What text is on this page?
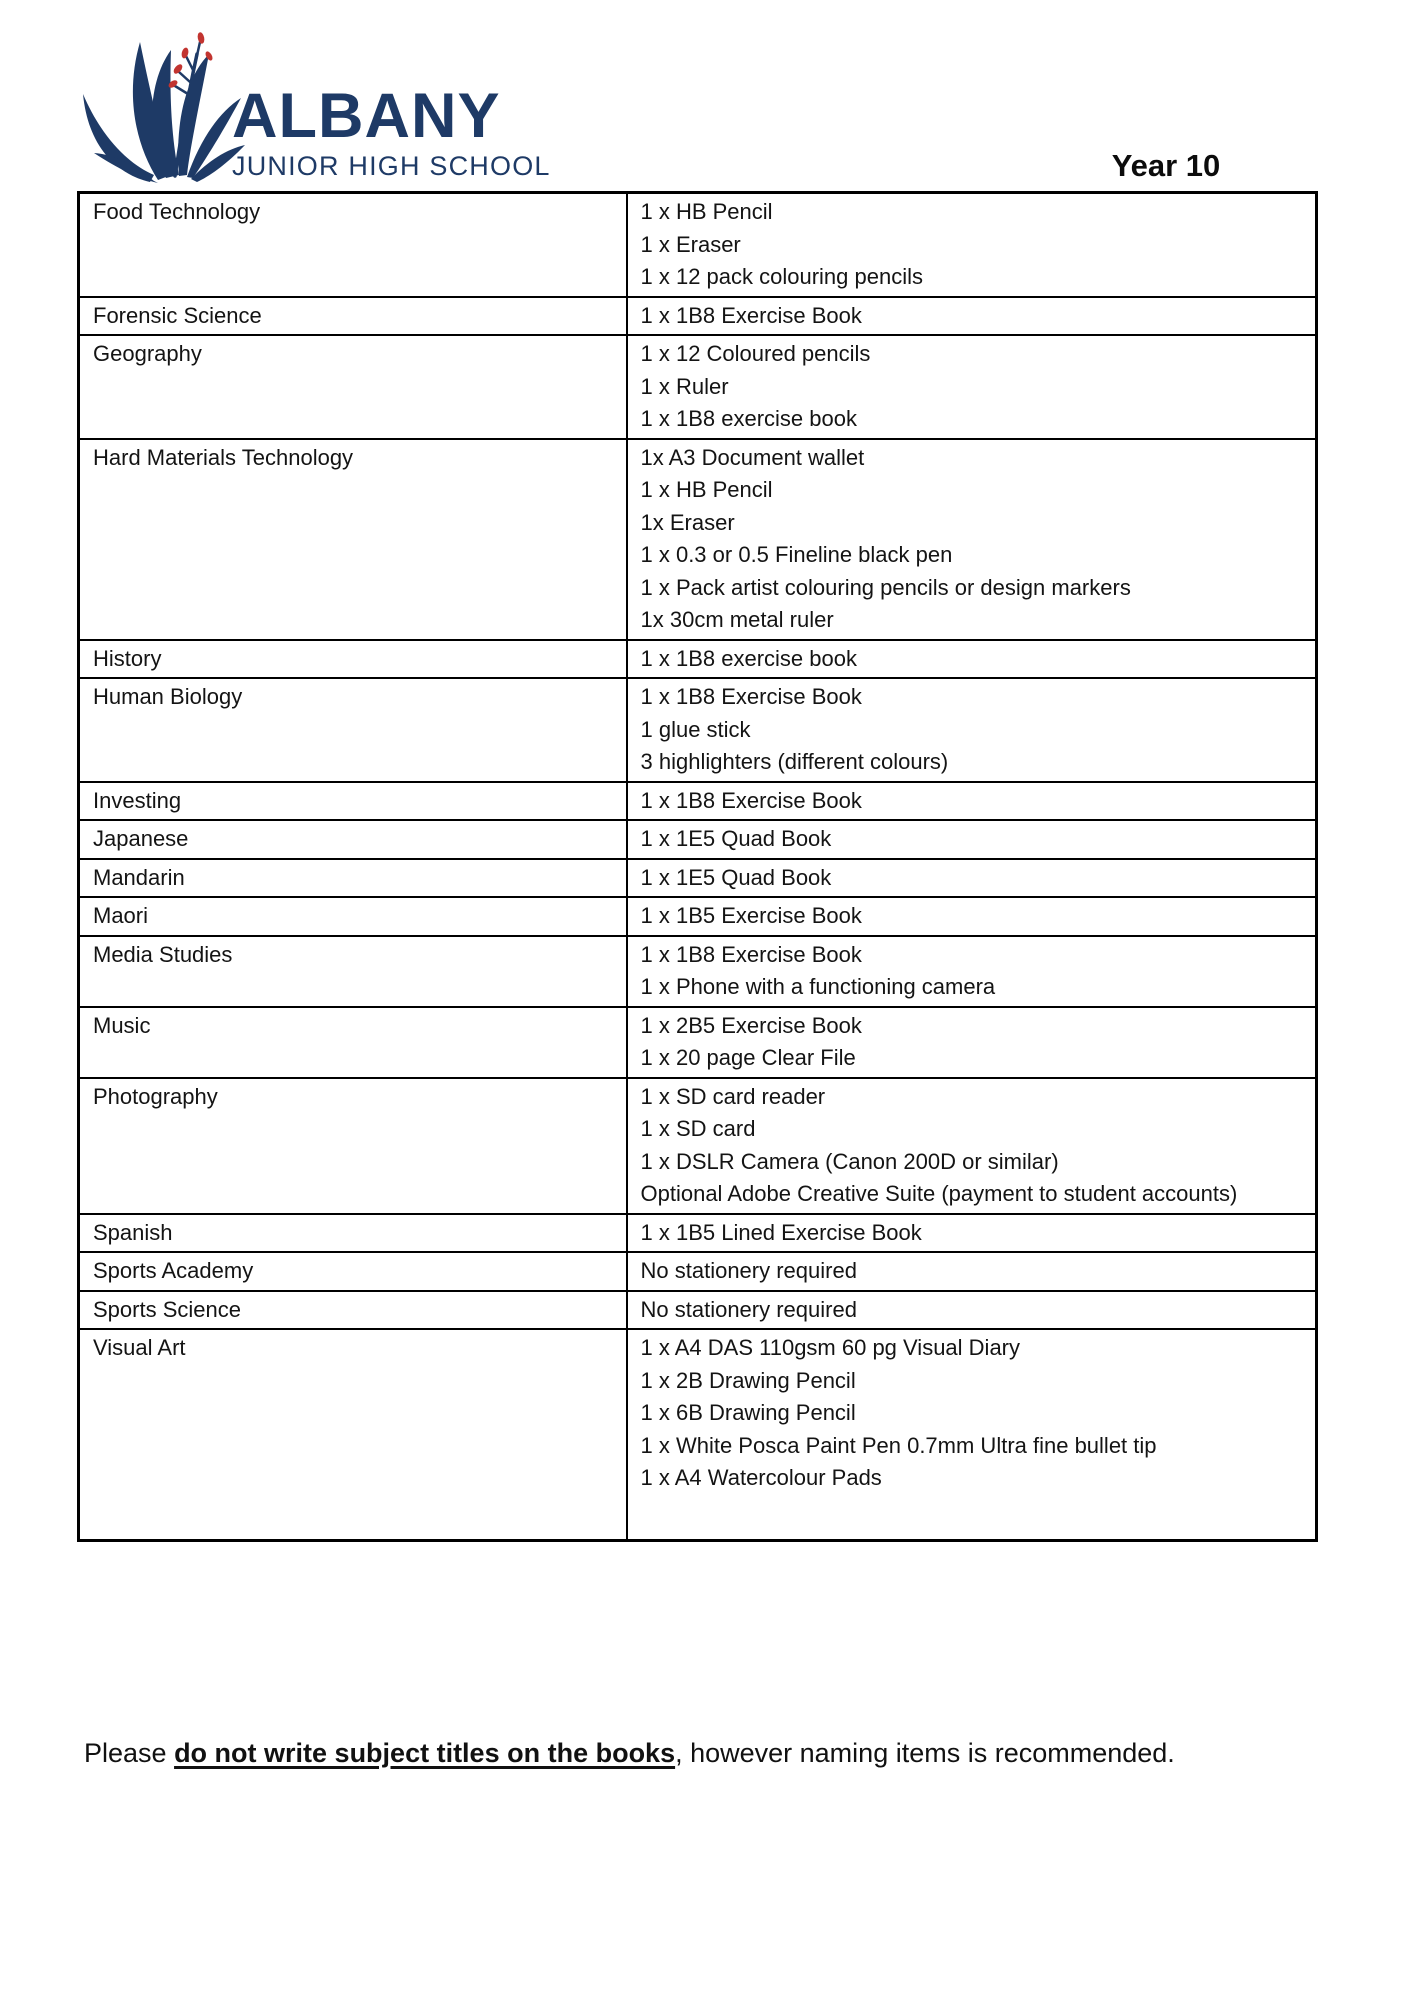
ALBANY
JUNIOR HIGH SCHOOL	Year 10
Food Technology	1 x HB Pencil
1 x Eraser
1 x 12 pack colouring pencils

Forensic Science	1 x 1B8 Exercise Book

Geography	1 x 12 Coloured pencils
1 x Ruler
1 x 1B8 exercise book

Hard Materials Technology	1x A3 Document wallet
1 x HB Pencil
1x Eraser
1 x 0.3 or 0.5 Fineline black pen
1 x Pack artist colouring pencils or design markers
1x 30cm metal ruler

History	1 x 1B8 exercise book

Human Biology	1 x 1B8 Exercise Book
1 glue stick
3 highlighters (different colours)

Investing	1 x 1B8 Exercise Book

Japanese	1 x 1E5 Quad Book

Mandarin	1 x 1E5 Quad Book

Maori	1 x 1B5 Exercise Book

Media Studies	1 x 1B8 Exercise Book
1 x Phone with a functioning camera

Music	1 x 2B5 Exercise Book
1 x 20 page Clear File

Photography	1 x SD card reader
1 x SD card
1 x DSLR Camera (Canon 200D or similar)
Optional Adobe Creative Suite (payment to student accounts)

Spanish	1 x 1B5 Lined Exercise Book

Sports Academy	No stationery required

Sports Science	No stationery required

Visual Art	1 x A4 DAS 110gsm 60 pg Visual Diary
1 x 2B Drawing Pencil
1 x 6B Drawing Pencil
1 x White Posca Paint Pen 0.7mm Ultra fine bullet tip
1 x A4 Watercolour Pads

Please do not write subject titles on the books, however naming items is recommended.
